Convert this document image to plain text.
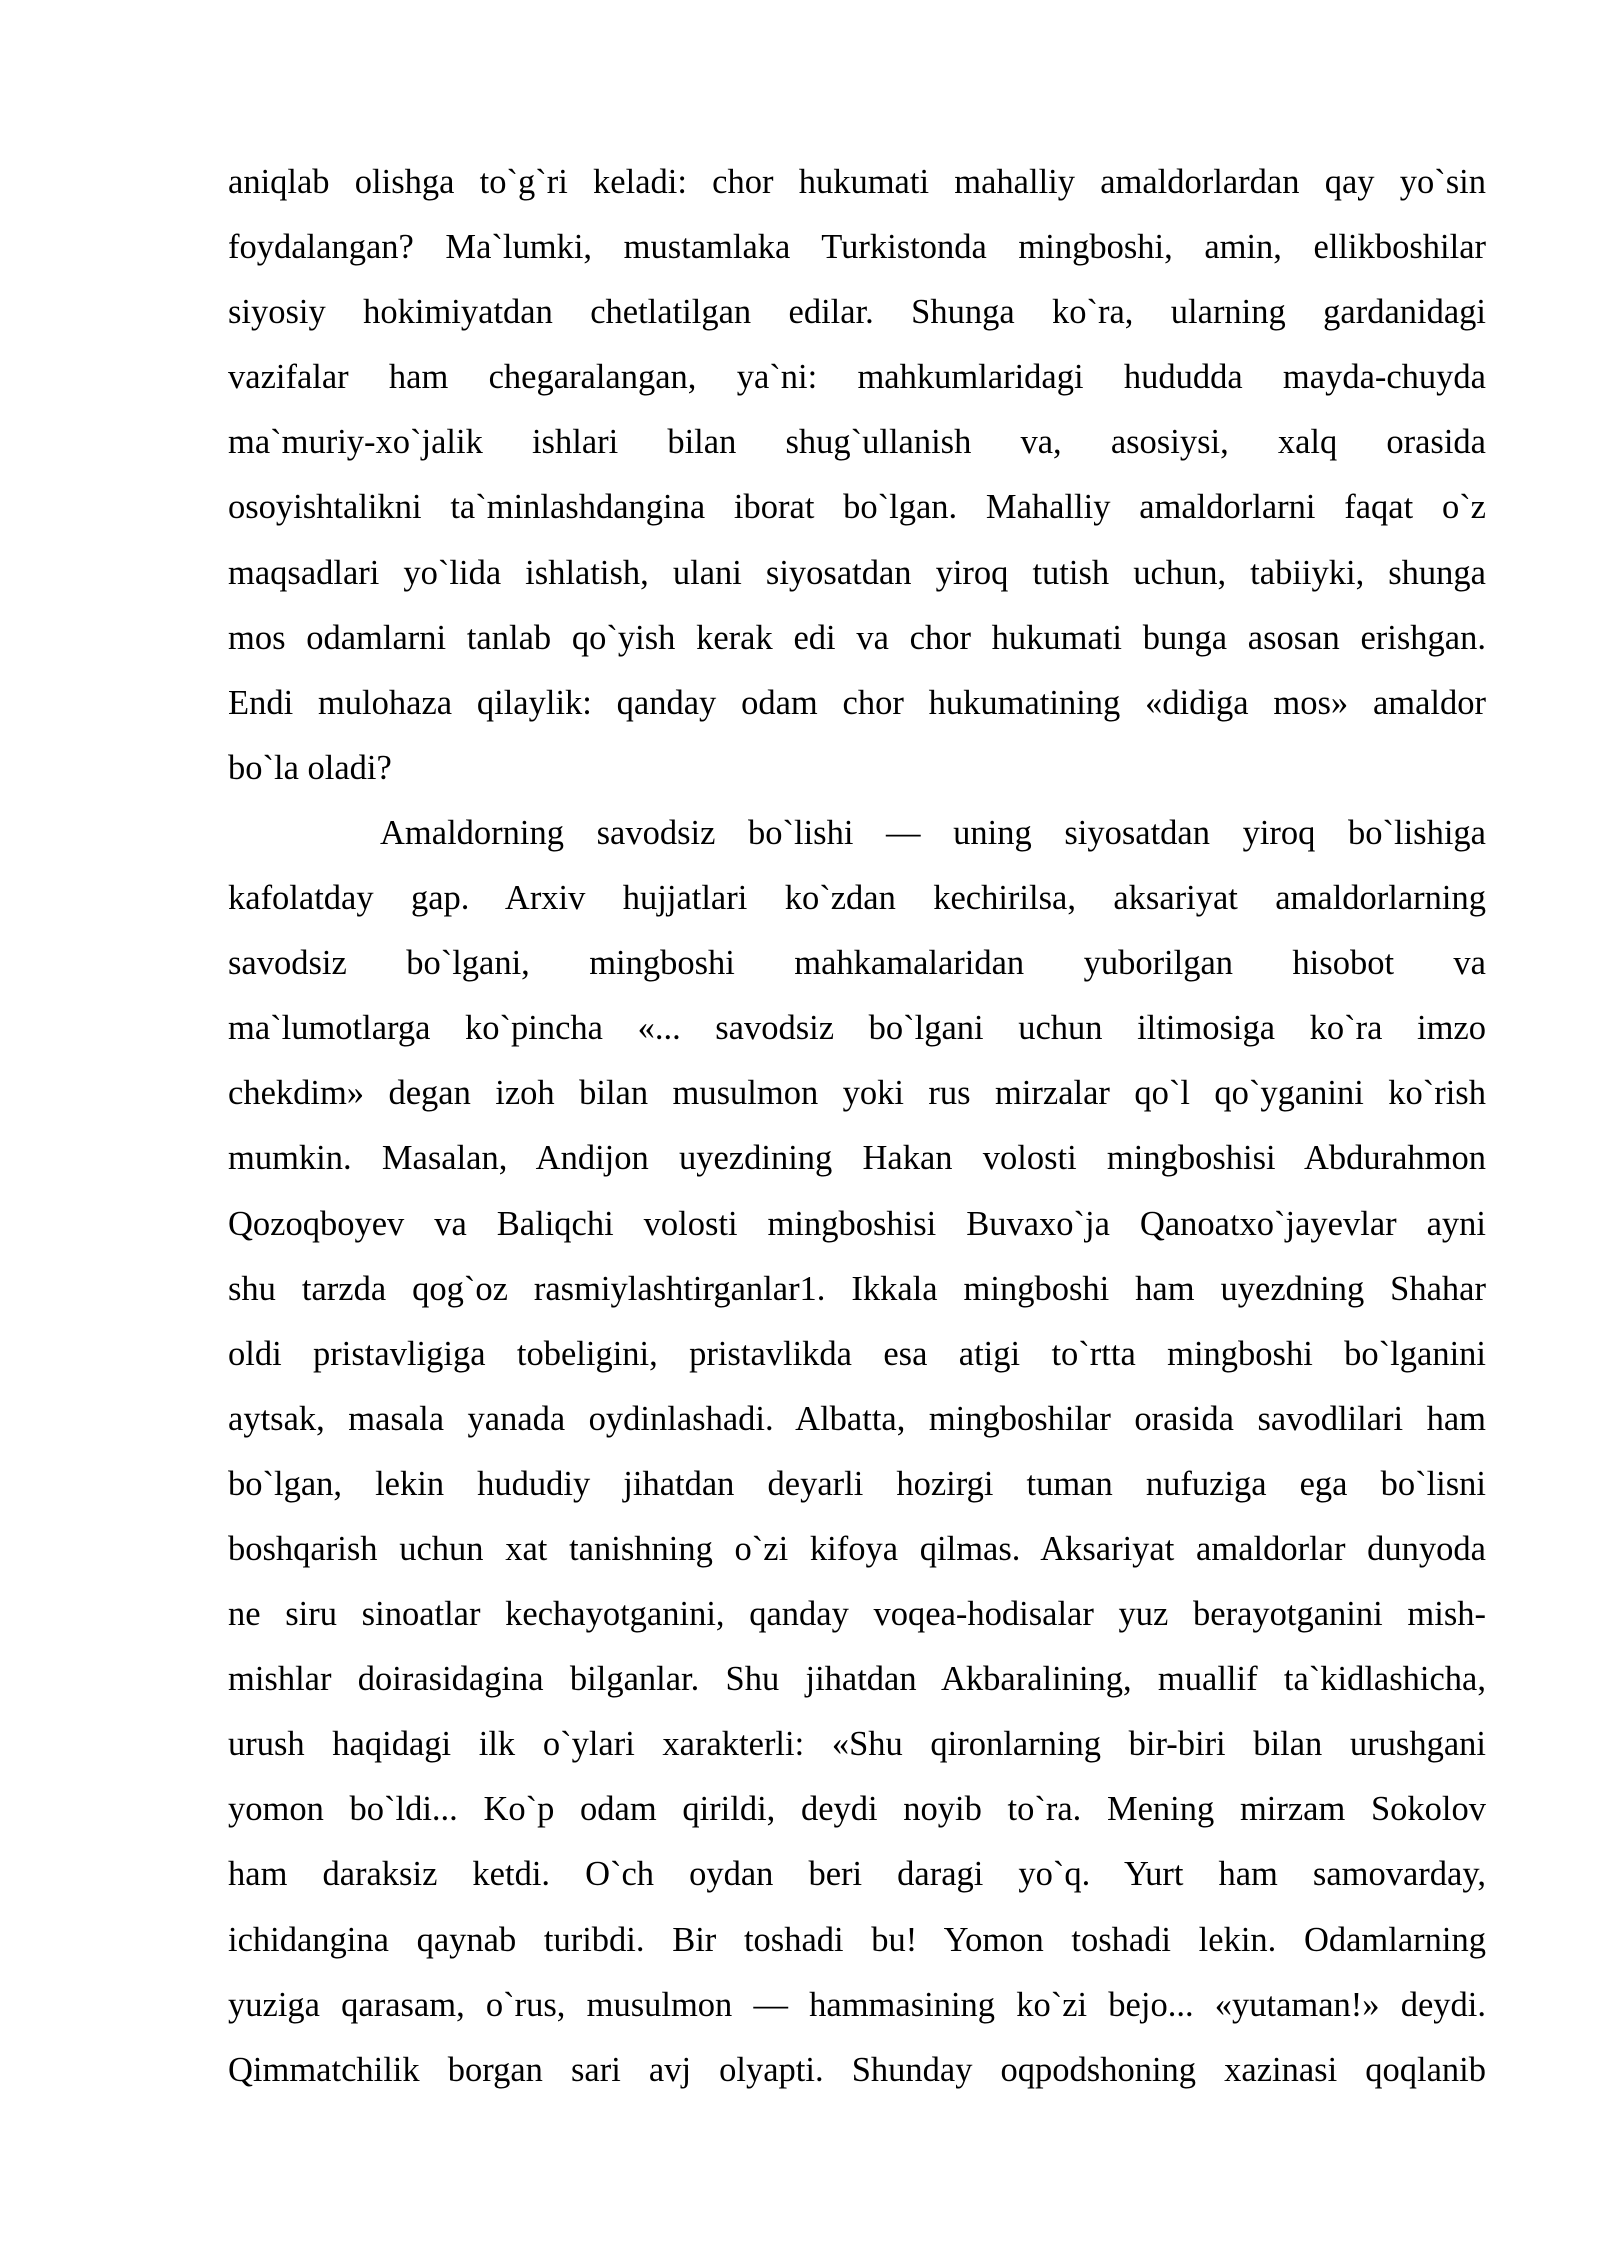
aniqlab olishga to`g`ri keladi: chor hukumati mahalliy amaldorlardan qay yo`sin
foydalangan? Ma`lumki, mustamlaka Turkistonda mingboshi, amin, ellikboshilar
siyosiy hokimiyatdan chetlatilgan edilar. Shunga ko`ra, ularning gardanidagi
vazifalar ham chegaralangan, ya`ni: mahkumlaridagi hududda mayda-chuyda
ma`muriy-xo`jalik ishlari bilan shug`ullanish va, asosiysi, xalq orasida
osoyishtalikni ta`minlashdangina iborat bo`lgan. Mahalliy amaldorlarni faqat o`z
maqsadlari yo`lida ishlatish, ulani siyosatdan yiroq tutish uchun, tabiiyki, shunga
mos odamlarni tanlab qo`yish kerak edi va chor hukumati bunga asosan erishgan.
Endi mulohaza qilaylik: qanday odam chor hukumatining «didiga mos» amaldor
bo`la oladi?
Amaldorning savodsiz bo`lishi — uning siyosatdan yiroq bo`lishiga
kafolatday gap. Arxiv hujjatlari ko`zdan kechirilsa, aksariyat amaldorlarning
savodsiz bo`lgani, mingboshi mahkamalaridan yuborilgan hisobot va
ma`lumotlarga ko`pincha «... savodsiz bo`lgani uchun iltimosiga ko`ra imzo
chekdim» degan izoh bilan musulmon yoki rus mirzalar qo`l qo`yganini ko`rish
mumkin. Masalan, Andijon uyezdining Hakan volosti mingboshisi Abdurahmon
Qozoqboyev va Baliqchi volosti mingboshisi Buvaxo`ja Qanoatxo`jayevlar ayni
shu tarzda qog`oz rasmiylashtirganlar1. Ikkala mingboshi ham uyezdning Shahar
oldi pristavligiga tobeligini, pristavlikda esa atigi to`rtta mingboshi bo`lganini
aytsak, masala yanada oydinlashadi. Albatta, mingboshilar orasida savodlilari ham
bo`lgan, lekin hududiy jihatdan deyarli hozirgi tuman nufuziga ega bo`lisni
boshqarish uchun xat tanishning o`zi kifoya qilmas. Aksariyat amaldorlar dunyoda
ne siru sinoatlar kechayotganini, qanday voqea-hodisalar yuz berayotganini mish-
mishlar doirasidagina bilganlar. Shu jihatdan Akbaralining, muallif ta`kidlashicha,
urush haqidagi ilk o`ylari xarakterli: «Shu qironlarning bir-biri bilan urushgani
yomon bo`ldi... Ko`p odam qirildi, deydi noyib to`ra. Mening mirzam Sokolov
ham daraksiz ketdi. O`ch oydan beri daragi yo`q. Yurt ham samovarday,
ichidangina qaynab turibdi. Bir toshadi bu! Yomon toshadi lekin. Odamlarning
yuziga qarasam, o`rus, musulmon — hammasining ko`zi bejo... «yutaman!» deydi.
Qimmatchilik borgan sari avj olyapti. Shunday oqpodshoning xazinasi qoqlanib
